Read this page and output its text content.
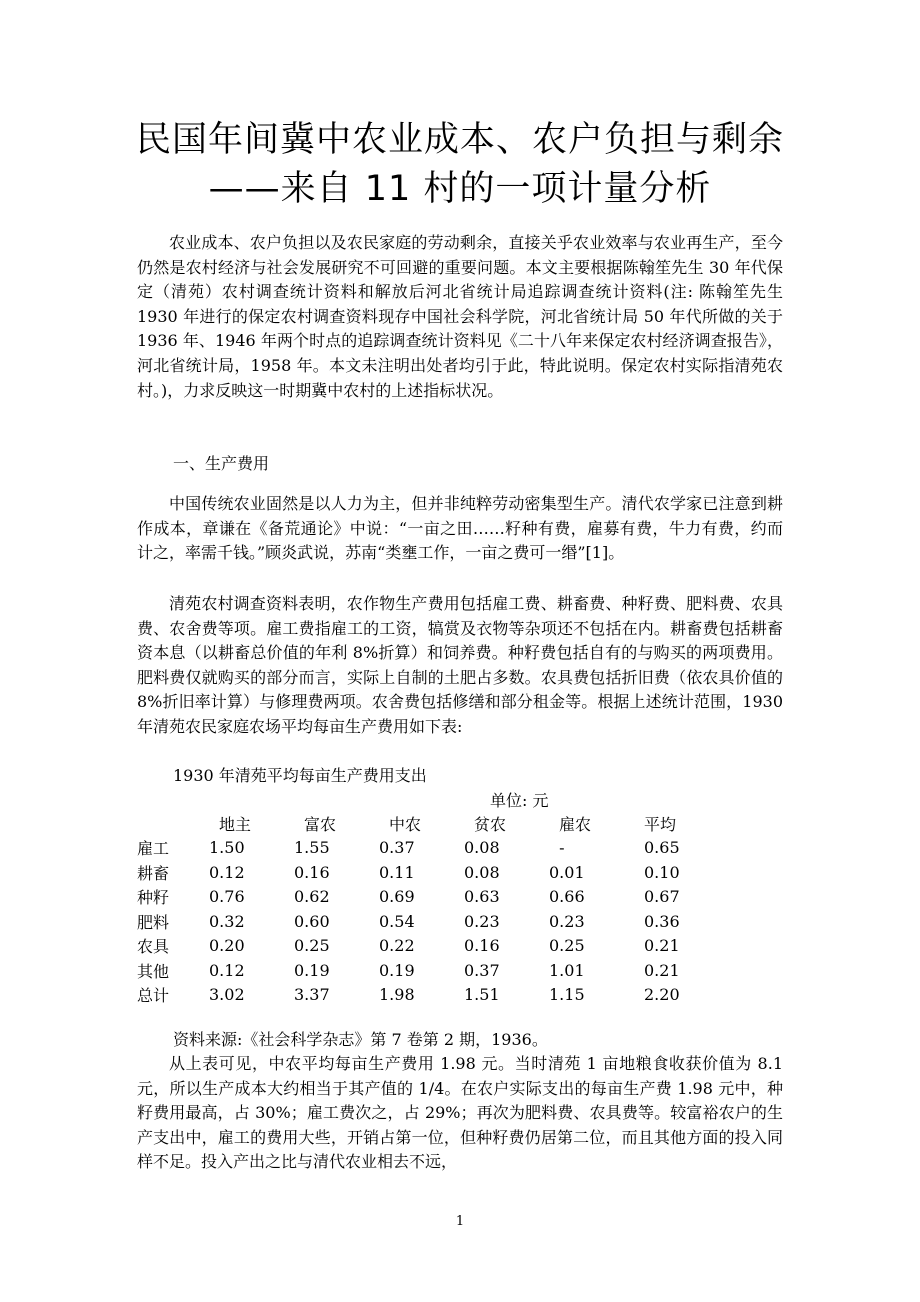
民国年间冀中农业成本、农户负担与剩余
——来自 11 村的一项计量分析

农业成本、农户负担以及农民家庭的劳动剩余，直接关乎农业效率与农业再生产，至今仍然是农村经济与社会发展研究不可回避的重要问题。本文主要根据陈翰笙先生 30 年代保定（清苑）农村调查统计资料和解放后河北省统计局追踪调查统计资料(注: 陈翰笙先生 1930 年进行的保定农村调查资料现存中国社会科学院，河北省统计局 50 年代所做的关于 1936 年、1946 年两个时点的追踪调查统计资料见《二十八年来保定农村经济调查报告》，河北省统计局，1958 年。本文未注明出处者均引于此，特此说明。保定农村实际指清苑农村。)，力求反映这一时期冀中农村的上述指标状况。

一、生产费用

中国传统农业固然是以人力为主，但并非纯粹劳动密集型生产。清代农学家已注意到耕作成本，章谦在《备荒通论》中说：“一亩之田……籽种有费，雇募有费，牛力有费，约而计之，率需千钱。”顾炎武说，苏南“类壅工作，一亩之费可一缗”[1]。

清苑农村调查资料表明，农作物生产费用包括雇工费、耕畜费、种籽费、肥料费、农具费、农舍费等项。雇工费指雇工的工资，犒赏及衣物等杂项还不包括在内。耕畜费包括耕畜资本息（以耕畜总价值的年利 8%折算）和饲养费。种籽费包括自有的与购买的两项费用。肥料费仅就购买的部分而言，实际上自制的土肥占多数。农具费包括折旧费（依农具价值的 8%折旧率计算）与修理费两项。农舍费包括修缮和部分租金等。根据上述统计范围，1930 年清苑农民家庭农场平均每亩生产费用如下表:

1930 年清苑平均每亩生产费用支出
单位: 元
	地主	富农	中农	贫农	雇农	平均
雇工	1.50	1.55	0.37	0.08	-	0.65
耕畜	0.12	0.16	0.11	0.08	0.01	0.10
种籽	0.76	0.62	0.69	0.63	0.66	0.67
肥料	0.32	0.60	0.54	0.23	0.23	0.36
农具	0.20	0.25	0.22	0.16	0.25	0.21
其他	0.12	0.19	0.19	0.37	1.01	0.21
总计	3.02	3.37	1.98	1.51	1.15	2.20
资料来源:《社会科学杂志》第 7 卷第 2 期，1936。

从上表可见，中农平均每亩生产费用 1.98 元。当时清苑 1 亩地粮食收获价值为 8.1 元，所以生产成本大约相当于其产值的 1/4。在农户实际支出的每亩生产费 1.98 元中，种籽费用最高，占 30%；雇工费次之，占 29%；再次为肥料费、农具费等。较富裕农户的生产支出中，雇工的费用大些，开销占第一位，但种籽费仍居第二位，而且其他方面的投入同样不足。投入产出之比与清代农业相去不远，

1
